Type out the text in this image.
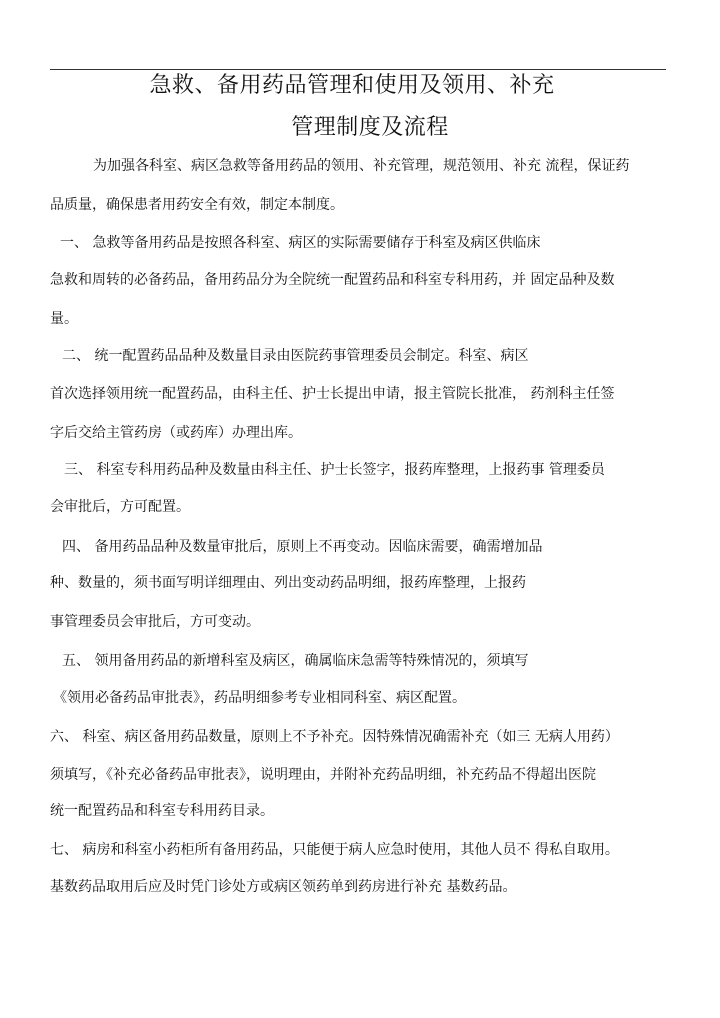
急救、备用药品管理和使用及领用、补充
管理制度及流程
为加强各科室、病区急救等备用药品的领用、补充管理，规范领用、补充 流程，保证药
品质量，确保患者用药安全有效，制定本制度。
一、 急救等备用药品是按照各科室、病区的实际需要储存于科室及病区供临床
急救和周转的必备药品，备用药品分为全院统一配置药品和科室专科用药，并 固定品种及数
量。
二、 统一配置药品品种及数量目录由医院药事管理委员会制定。科室、病区
首次选择领用统一配置药品，由科主任、护士长提出申请，报主管院长批准， 药剂科主任签
字后交给主管药房（或药库）办理出库。
三、 科室专科用药品种及数量由科主任、护士长签字，报药库整理，上报药事 管理委员
会审批后，方可配置。
四、 备用药品品种及数量审批后，原则上不再变动。因临床需要，确需增加品
种、数量的，须书面写明详细理由、列出变动药品明细，报药库整理，上报药
事管理委员会审批后，方可变动。
五、 领用备用药品的新增科室及病区，确属临床急需等特殊情况的，须填写
《领用必备药品审批表》，药品明细参考专业相同科室、病区配置。
六、 科室、病区备用药品数量，原则上不予补充。因特殊情况确需补充（如三 无病人用药）
须填写，《补充必备药品审批表》，说明理由，并附补充药品明细，补充药品不得超出医院
统一配置药品和科室专科用药目录。
七、 病房和科室小药柜所有备用药品，只能便于病人应急时使用，其他人员不 得私自取用。
基数药品取用后应及时凭门诊处方或病区领药单到药房进行补充 基数药品。
